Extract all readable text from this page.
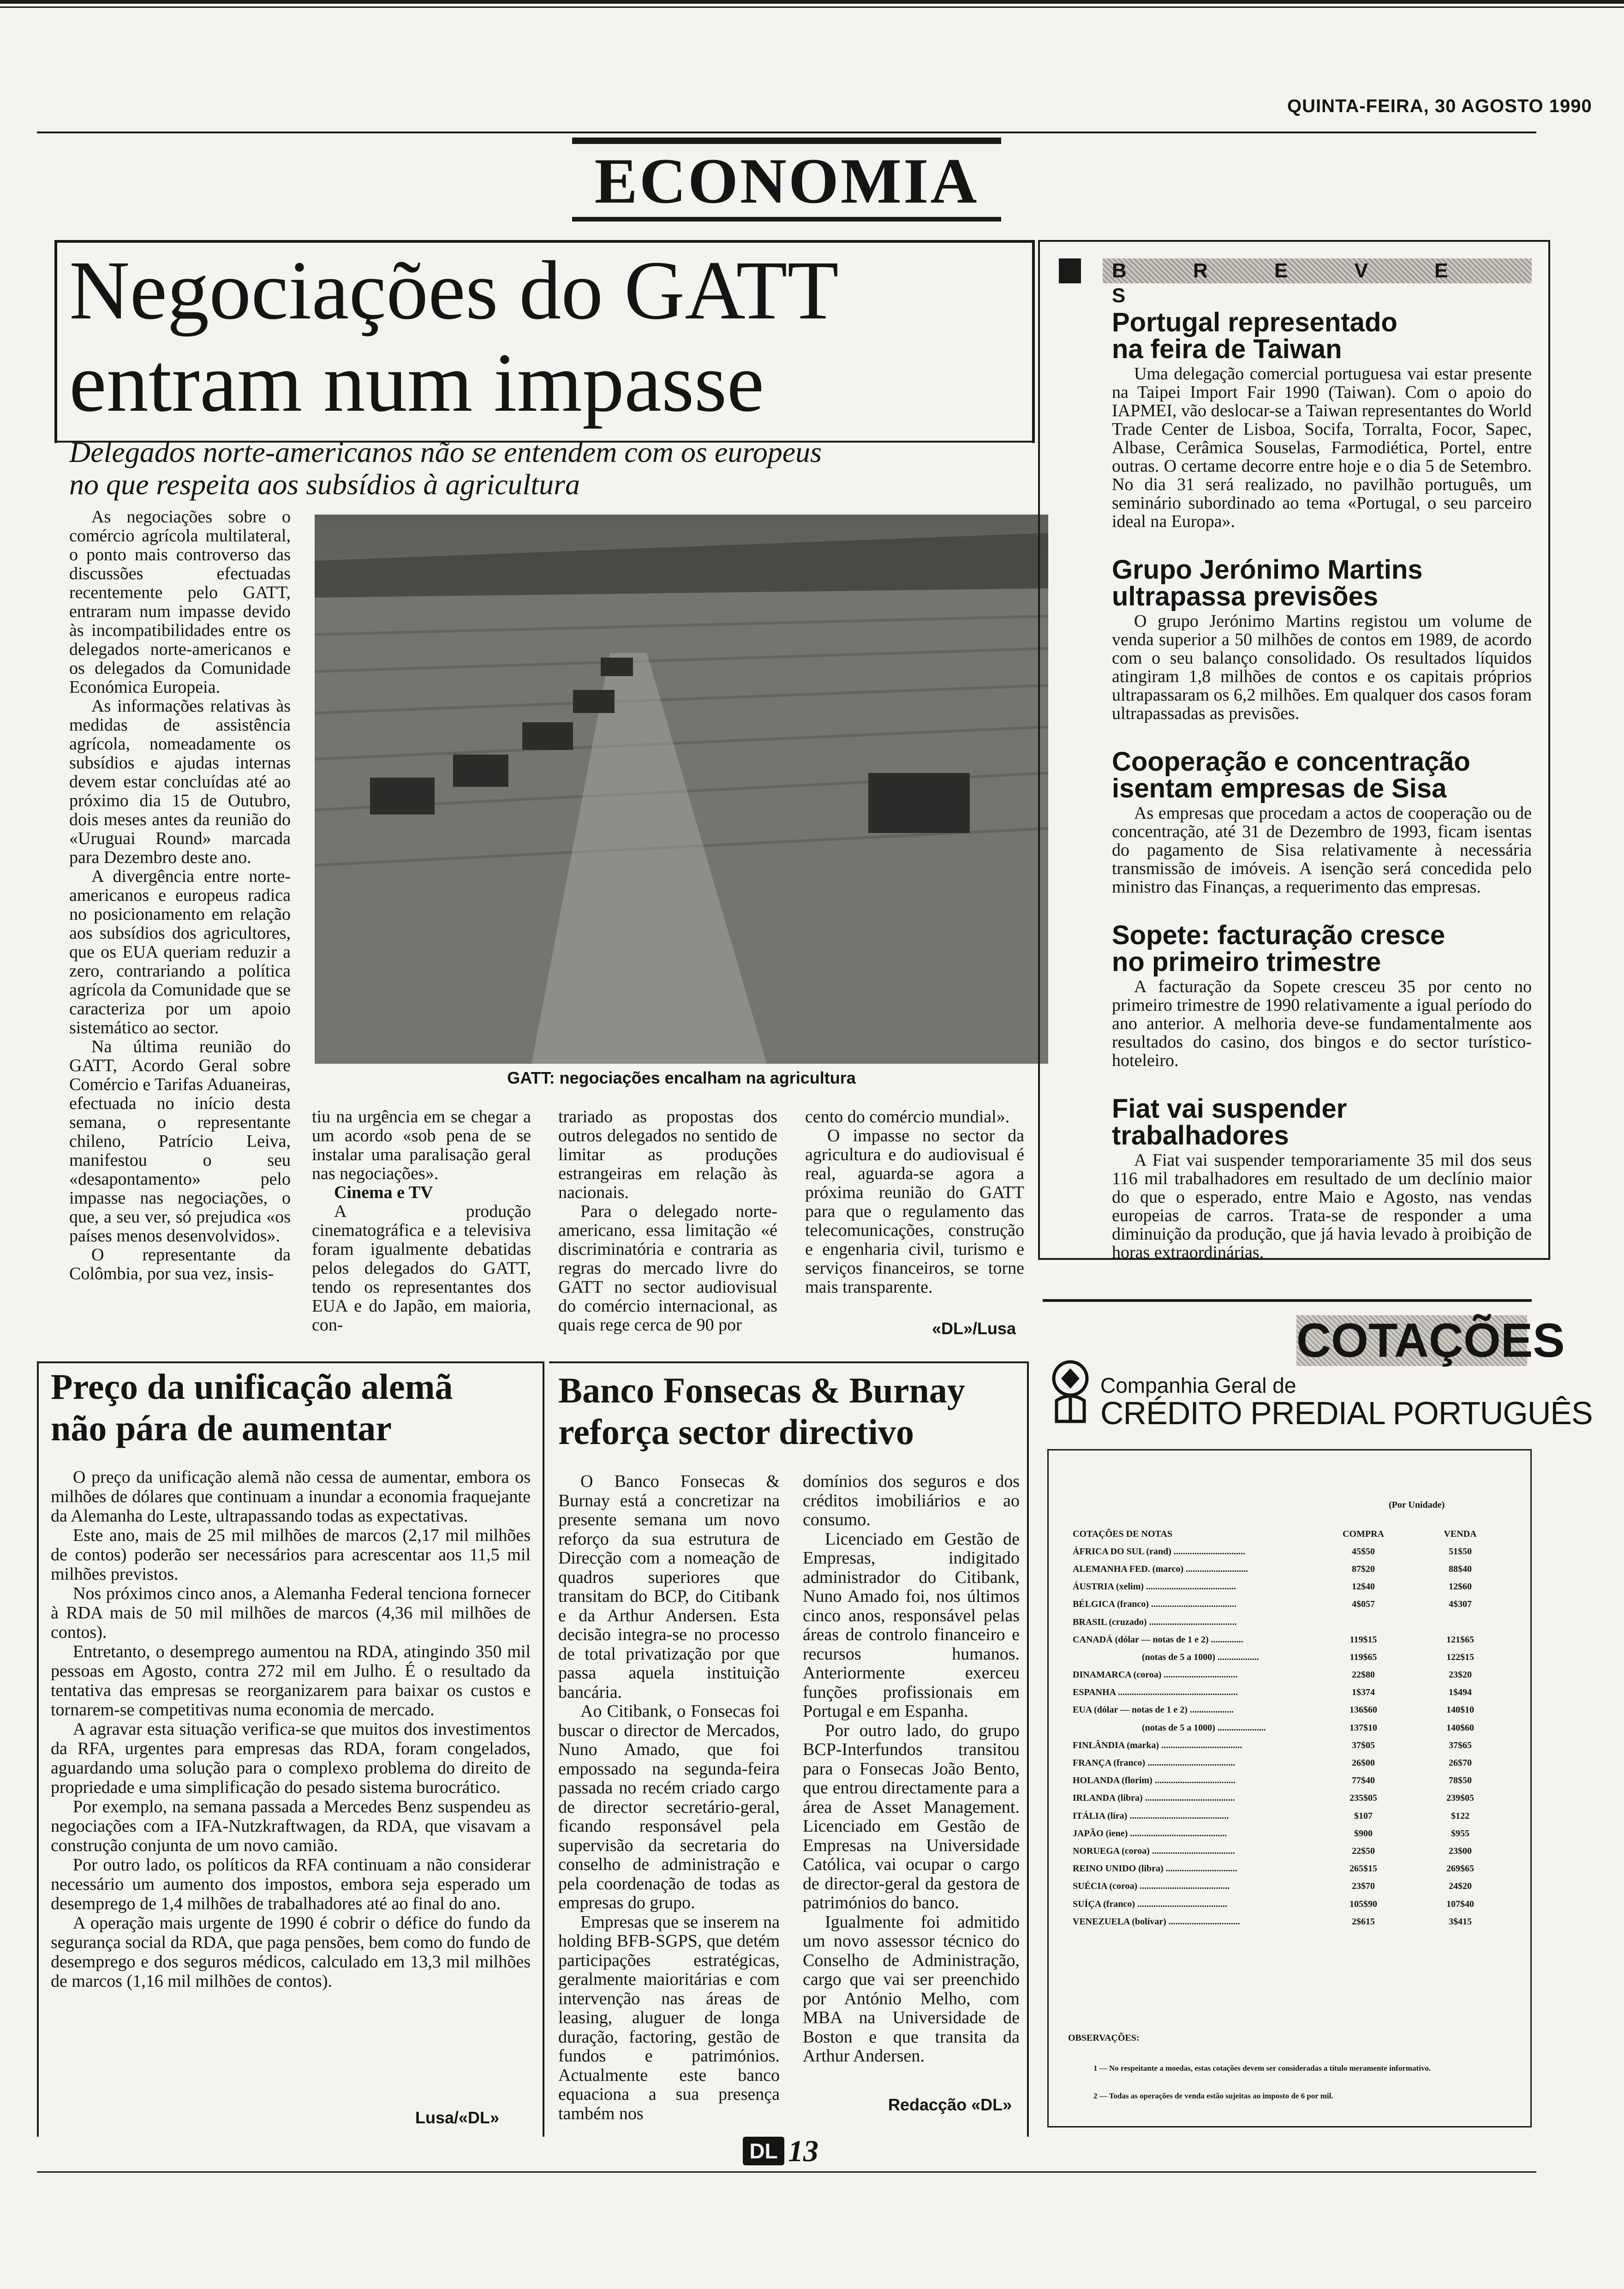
QUINTA-FEIRA, 30 AGOSTO 1990
ECONOMIA
Negociações do GATT
entram num impasse
Delegados norte-americanos não se entendem com os europeus
no que respeita aos subsídios à agricultura

As negociações sobre o comércio agrícola multilateral, o ponto mais controverso das discussões efectuadas recentemente pelo GATT, entraram num impasse devido às incompatibilidades entre os delegados norte-americanos e os delegados da Comunidade Económica Europeia.

As informações relativas às medidas de assistência agrícola, nomeadamente os subsídios e ajudas internas devem estar concluídas até ao próximo dia 15 de Outubro, dois meses antes da reunião do «Uruguai Round» marcada para Dezembro deste ano.

A divergência entre norte-americanos e europeus radica no posicionamento em relação aos subsídios dos agricultores, que os EUA queriam reduzir a zero, contrariando a política agrícola da Comunidade que se caracteriza por um apoio sistemático ao sector.

Na última reunião do GATT, Acordo Geral sobre Comércio e Tarifas Aduaneiras, efectuada no início desta semana, o representante chileno, Patrício Leiva, manifestou o seu «desapontamento» pelo impasse nas negociações, o que, a seu ver, só prejudica «os países menos desenvolvidos».

O representante da Colômbia, por sua vez, insis-

GATT: negociações encalham na agricultura

tiu na urgência em se chegar a um acordo «sob pena de se instalar uma paralisação geral nas negociações».

Cinema e TV

A produção cinematográfica e a televisiva foram igualmente debatidas pelos delegados do GATT, tendo os representantes dos EUA e do Japão, em maioria, con-

trariado as propostas dos outros delegados no sentido de limitar as produções estrangeiras em relação às nacionais.

Para o delegado norte-americano, essa limitação «é discriminatória e contraria as regras do mercado livre do GATT no sector audiovisual do comércio internacional, as quais rege cerca de 90 por

cento do comércio mundial».

O impasse no sector da agricultura e do audiovisual é real, aguarda-se agora a próxima reunião do GATT para que o regulamento das telecomunicações, construção e engenharia civil, turismo e serviços financeiros, se torne mais transparente.

«DL»/Lusa
B R E V E S
Portugal representado
na feira de Taiwan

Uma delegação comercial portuguesa vai estar presente na Taipei Import Fair 1990 (Taiwan). Com o apoio do IAPMEI, vão deslocar-se a Taiwan representantes do World Trade Center de Lisboa, Socifa, Torralta, Focor, Sapec, Albase, Cerâmica Souselas, Farmodiética, Portel, entre outras. O certame decorre entre hoje e o dia 5 de Setembro. No dia 31 será realizado, no pavilhão português, um seminário subordinado ao tema «Portugal, o seu parceiro ideal na Europa».

Grupo Jerónimo Martins
ultrapassa previsões

O grupo Jerónimo Martins registou um volume de venda superior a 50 milhões de contos em 1989, de acordo com o seu balanço consolidado. Os resultados líquidos atingiram 1,8 milhões de contos e os capitais próprios ultrapassaram os 6,2 milhões. Em qualquer dos casos foram ultrapassadas as previsões.

Cooperação e concentração
isentam empresas de Sisa

As empresas que procedam a actos de cooperação ou de concentração, até 31 de Dezembro de 1993, ficam isentas do pagamento de Sisa relativamente à necessária transmissão de imóveis. A isenção será concedida pelo ministro das Finanças, a requerimento das empresas.

Sopete: facturação cresce
no primeiro trimestre

A facturação da Sopete cresceu 35 por cento no primeiro trimestre de 1990 relativamente a igual período do ano anterior. A melhoria deve-se fundamentalmente aos resultados do casino, dos bingos e do sector turístico-hoteleiro.

Fiat vai suspender
trabalhadores

A Fiat vai suspender temporariamente 35 mil dos seus 116 mil trabalhadores em resultado de um declínio maior do que o esperado, entre Maio e Agosto, nas vendas europeias de carros. Trata-se de responder a uma diminuição da produção, que já havia levado à proibição de horas extraordinárias.

Preço da unificação alemã
não pára de aumentar

O preço da unificação alemã não cessa de aumentar, embora os milhões de dólares que continuam a inundar a economia fraquejante da Alemanha do Leste, ultrapassando todas as expectativas.

Este ano, mais de 25 mil milhões de marcos (2,17 mil milhões de contos) poderão ser necessários para acrescentar aos 11,5 mil milhões previstos.

Nos próximos cinco anos, a Alemanha Federal tenciona fornecer à RDA mais de 50 mil milhões de marcos (4,36 mil milhões de contos).

Entretanto, o desemprego aumentou na RDA, atingindo 350 mil pessoas em Agosto, contra 272 mil em Julho. É o resultado da tentativa das empresas se reorganizarem para baixar os custos e tornarem-se competitivas numa economia de mercado.

A agravar esta situação verifica-se que muitos dos investimentos da RFA, urgentes para empresas das RDA, foram congelados, aguardando uma solução para o complexo problema do direito de propriedade e uma simplificação do pesado sistema burocrático.

Por exemplo, na semana passada a Mercedes Benz suspendeu as negociações com a IFA-Nutzkraftwagen, da RDA, que visavam a construção conjunta de um novo camião.

Por outro lado, os políticos da RFA continuam a não considerar necessário um aumento dos impostos, embora seja esperado um desemprego de 1,4 milhões de trabalhadores até ao final do ano.

A operação mais urgente de 1990 é cobrir o défice do fundo da segurança social da RDA, que paga pensões, bem como do fundo de desemprego e dos seguros médicos, calculado em 13,3 mil milhões de marcos (1,16 mil milhões de contos).

Lusa/«DL»
Banco Fonsecas & Burnay
reforça sector directivo

O Banco Fonsecas & Burnay está a concretizar na presente semana um novo reforço da sua estrutura de Direcção com a nomeação de quadros superiores que transitam do BCP, do Citibank e da Arthur Andersen. Esta decisão integra-se no processo de total privatização por que passa aquela instituição bancária.

Ao Citibank, o Fonsecas foi buscar o director de Mercados, Nuno Amado, que foi empossado na segunda-feira passada no recém criado cargo de director secretário-geral, ficando responsável pela supervisão da secretaria do conselho de administração e pela coordenação de todas as empresas do grupo.

Empresas que se inserem na holding BFB-SGPS, que detém participações estratégicas, geralmente maioritárias e com intervenção nas áreas de leasing, aluguer de longa duração, factoring, gestão de fundos e patrimónios. Actualmente este banco equaciona a sua presença também nos

domínios dos seguros e dos créditos imobiliários e ao consumo.

Licenciado em Gestão de Empresas, indigitado administrador do Citibank, Nuno Amado foi, nos últimos cinco anos, responsável pelas áreas de controlo financeiro e recursos humanos. Anteriormente exerceu funções profissionais em Portugal e em Espanha.

Por outro lado, do grupo BCP-Interfundos transitou para o Fonsecas João Bento, que entrou directamente para a área de Asset Management. Licenciado em Gestão de Empresas na Universidade Católica, vai ocupar o cargo de director-geral da gestora de patrimónios do banco.

Igualmente foi admitido um novo assessor técnico do Conselho de Administração, cargo que vai ser preenchido por António Melho, com MBA na Universidade de Boston e que transita da Arthur Andersen.

Redacção «DL»
COTAÇÕES
Companhia Geral de
CRÉDITO PREDIAL PORTUGUÊS
(Por Unidade)
COTAÇÕES DE NOTAS	COMPRA	VENDA
ÁFRICA DO SUL (rand) ...............................	45$50	51$50
ALEMANHA FED. (marco) ...........................	87$20	88$40
ÁUSTRIA (xelim) .......................................	12$40	12$60
BÉLGICA (franco) .....................................	4$057	4$307
BRASIL (cruzado) ......................................		
CANADÁ (dólar — notas de 1 e 2) ..............	119$15	121$65
(notas de 5 a 1000) ..................	119$65	122$15
DINAMARCA (coroa) ................................	22$80	23$20
ESPANHA ....................................................	1$374	1$494
EUA (dólar — notas de 1 e 2) ...................	136$60	140$10
(notas de 5 a 1000) .....................	137$10	140$60
FINLÂNDIA (marka) ...................................	37$05	37$65
FRANÇA (franco) ......................................	26$00	26$70
HOLANDA (florim) ...................................	77$40	78$50
IRLANDA (libra) .......................................	235$05	239$05
ITÁLIA (lira) ...........................................	$107	$122
JAPÃO (iene) ..........................................	$900	$955
NORUEGA (coroa) ....................................	22$50	23$00
REINO UNIDO (libra) ...............................	265$15	269$65
SUÉCIA (coroa) .......................................	23$70	24$20
SUÍÇA (franco) .......................................	105$90	107$40
VENEZUELA (bolívar) ...............................	2$615	3$415
OBSERVAÇÕES:
1 — No respeitante a moedas, estas cotações devem ser consideradas a título meramente informativo.
2 — Todas as operações de venda estão sujeitas ao imposto de 6 por mil.
DL 13
